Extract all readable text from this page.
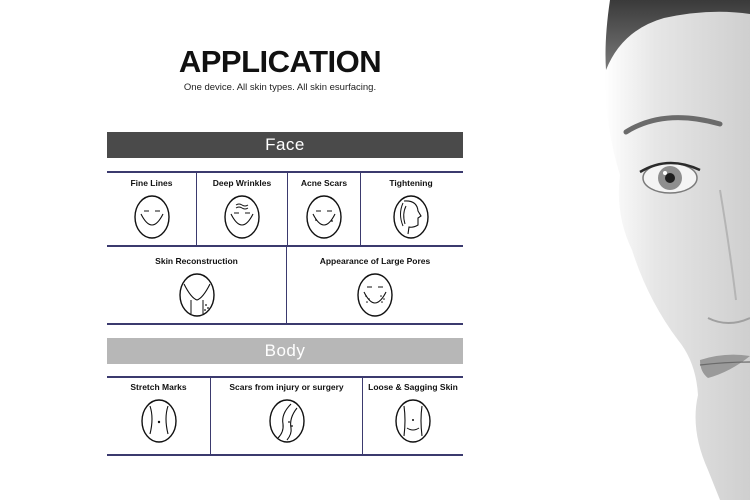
APPLICATION
One device. All skin types. All skin esurfacing.
Face
Fine Lines	Deep Wrinkles	Acne Scars	Tightening
Skin Reconstruction	Appearance of Large Pores
Body
Stretch Marks	Scars from injury or surgery	Loose & Sagging Skin
